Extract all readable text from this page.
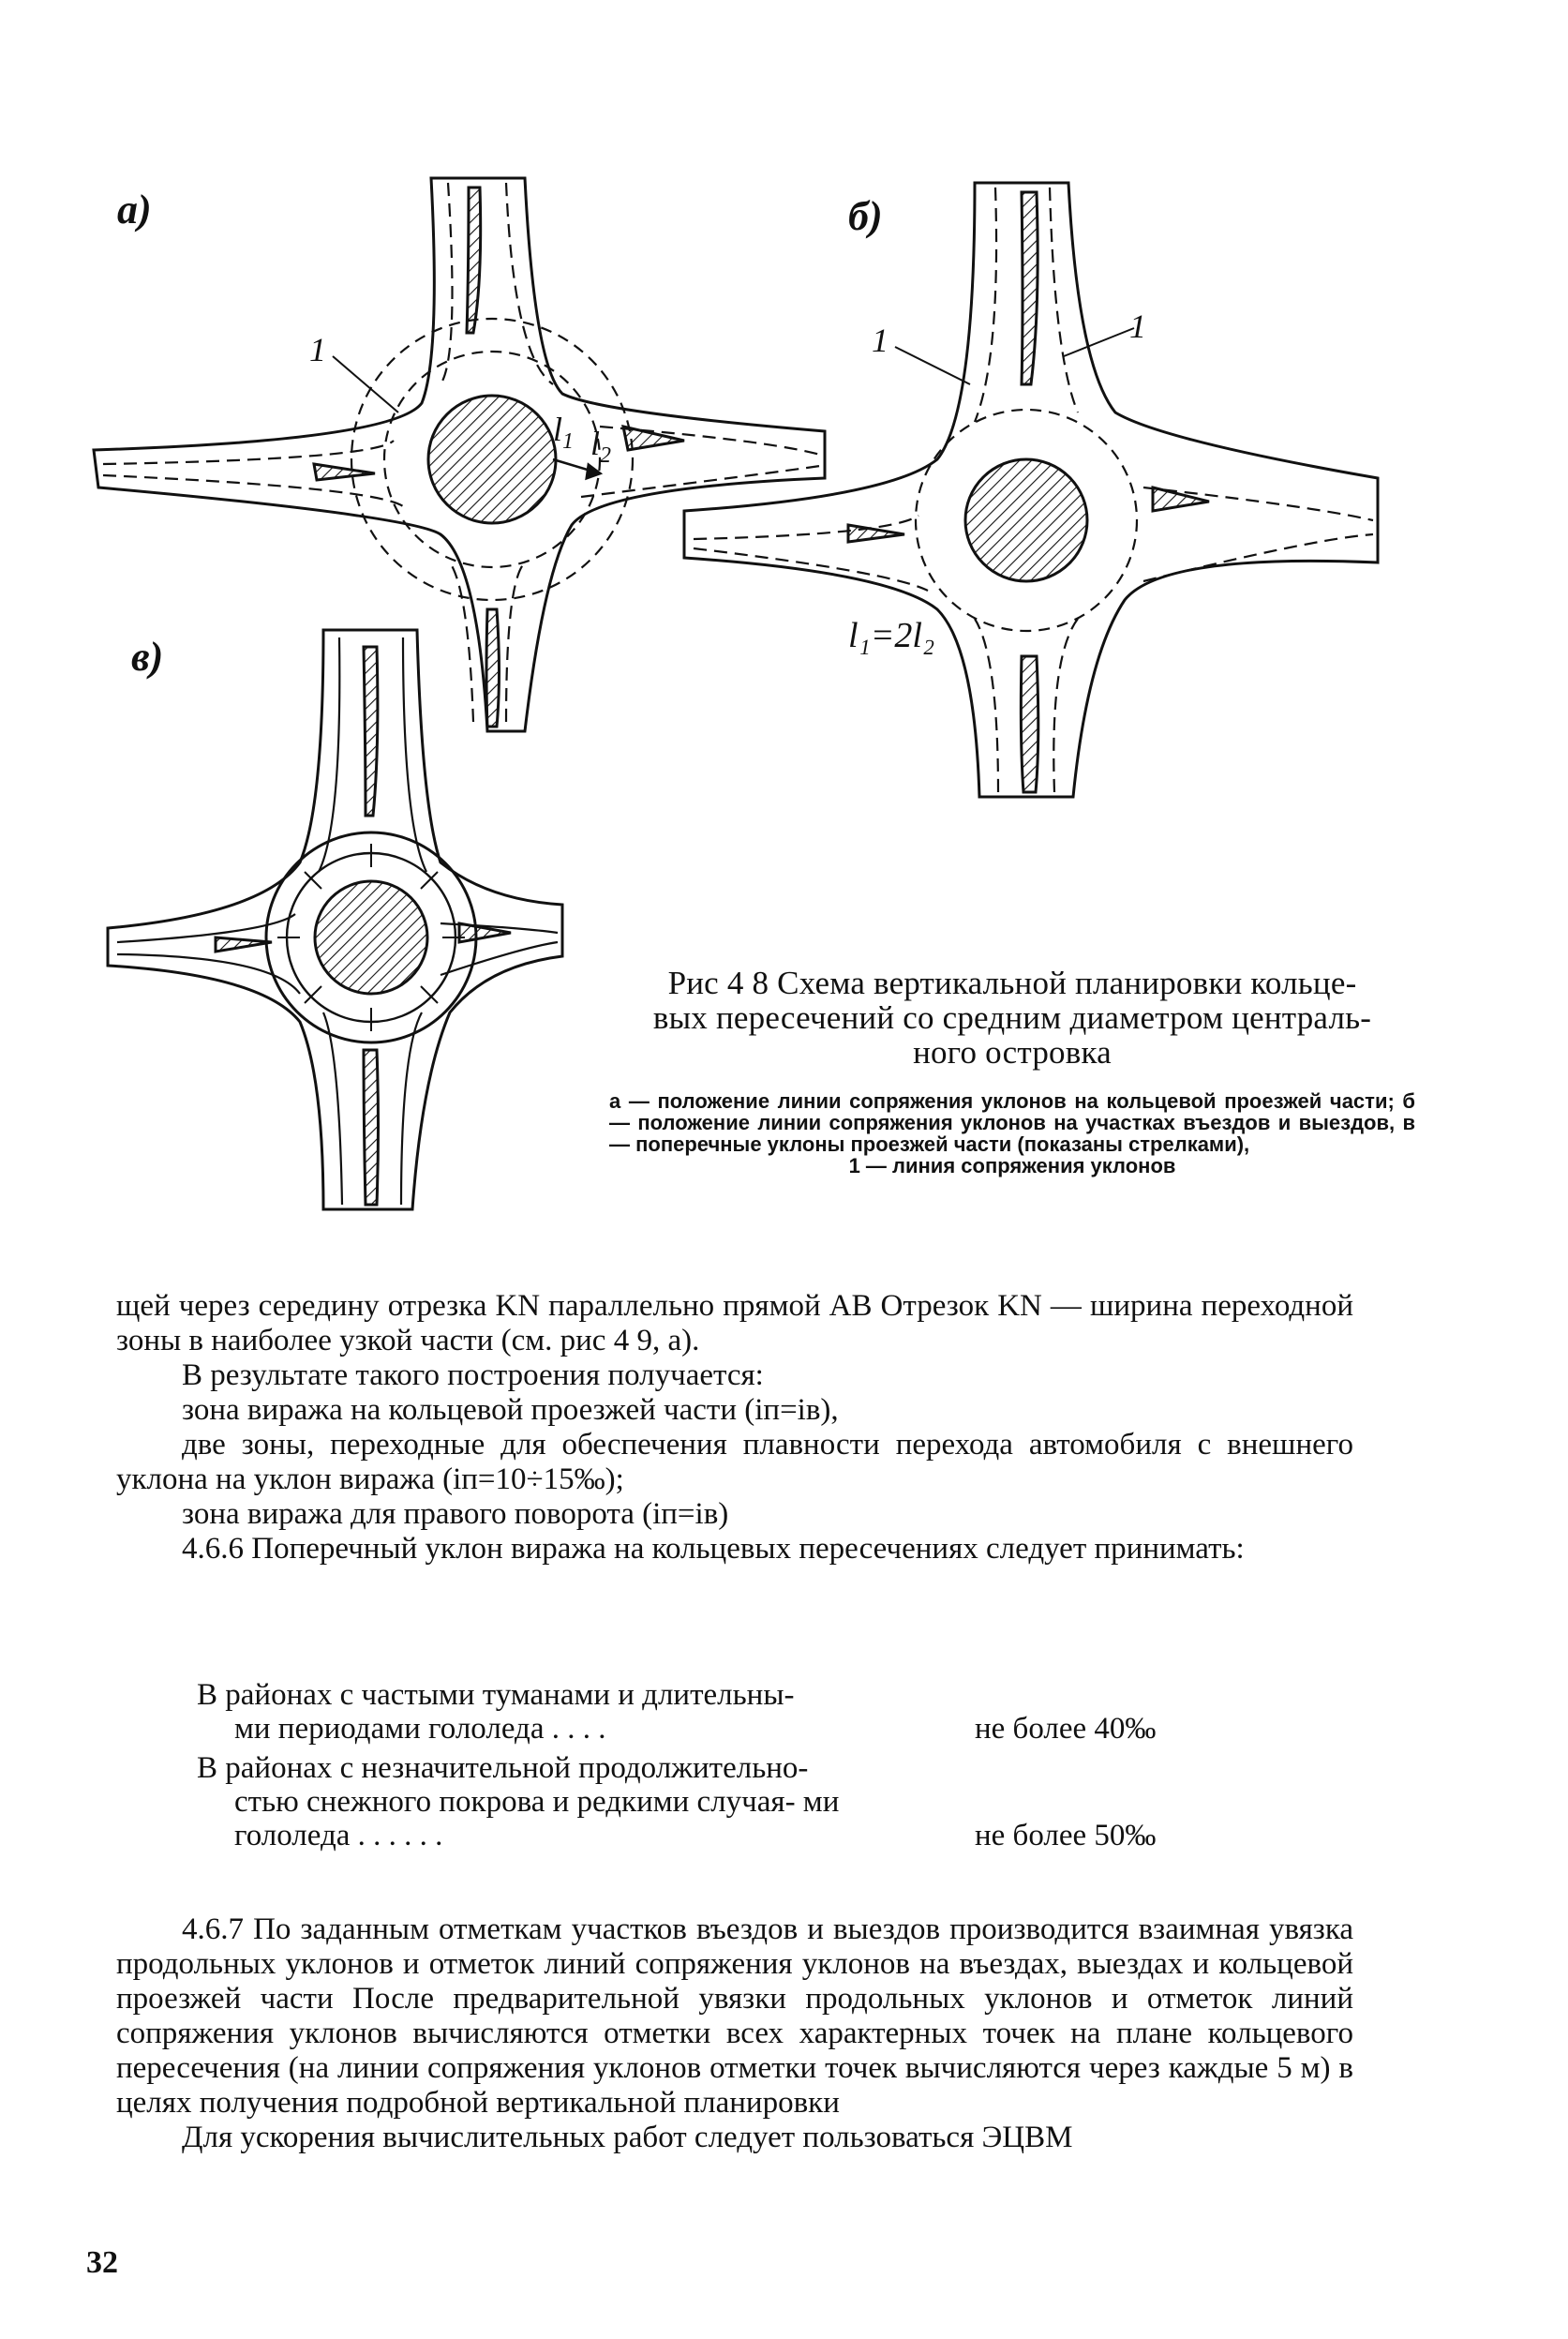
а)	б)
в)
1	1	1
$l_1$ $l_2$
l₁=2l₂
Рис 4 8 Схема вертикальной планировки кольце-
вых пересечений со средним диаметром централь-
ного островка
а — положение линии сопряжения уклонов на кольцевой проезжей части; б — положение линии сопряжения уклонов на участках въездов и выездов, в — поперечные уклоны проезжей части (показаны стрелками),
1 — линия сопряжения уклонов

щей через середину отрезка KN параллельно прямой AB Отрезок KN — ширина переходной зоны в наиболее узкой части (см. рис 4 9, а).

В результате такого построения получается:

зона виража на кольцевой проезжей части (iп=iв),

две зоны, переходные для обеспечения плавности перехода автомобиля с внешнего уклона на уклон виража (iп=10÷15‰);

зона виража для правого поворота (iп=iв)

4.6.6 Поперечный уклон виража на кольцевых пересечениях следует принимать:

В районах с частыми туманами и длительны-
ми периодами гололеда . . . .	не более 40‰
В районах с незначительной продолжительно-
стью снежного покрова и редкими случая- ми гололеда . . . . . .	не более 50‰

4.6.7 По заданным отметкам участков въездов и выездов производится взаимная увязка продольных уклонов и отметок линий сопряжения уклонов на въездах, выездах и кольцевой проезжей части После предварительной увязки продольных уклонов и отметок линий сопряжения уклонов вычисляются отметки всех характерных точек на плане кольцевого пересечения (на линии сопряжения уклонов отметки точек вычисляются через каждые 5 м) в целях получения подробной вертикальной планировки

Для ускорения вычислительных работ следует пользоваться ЭЦВМ

32
